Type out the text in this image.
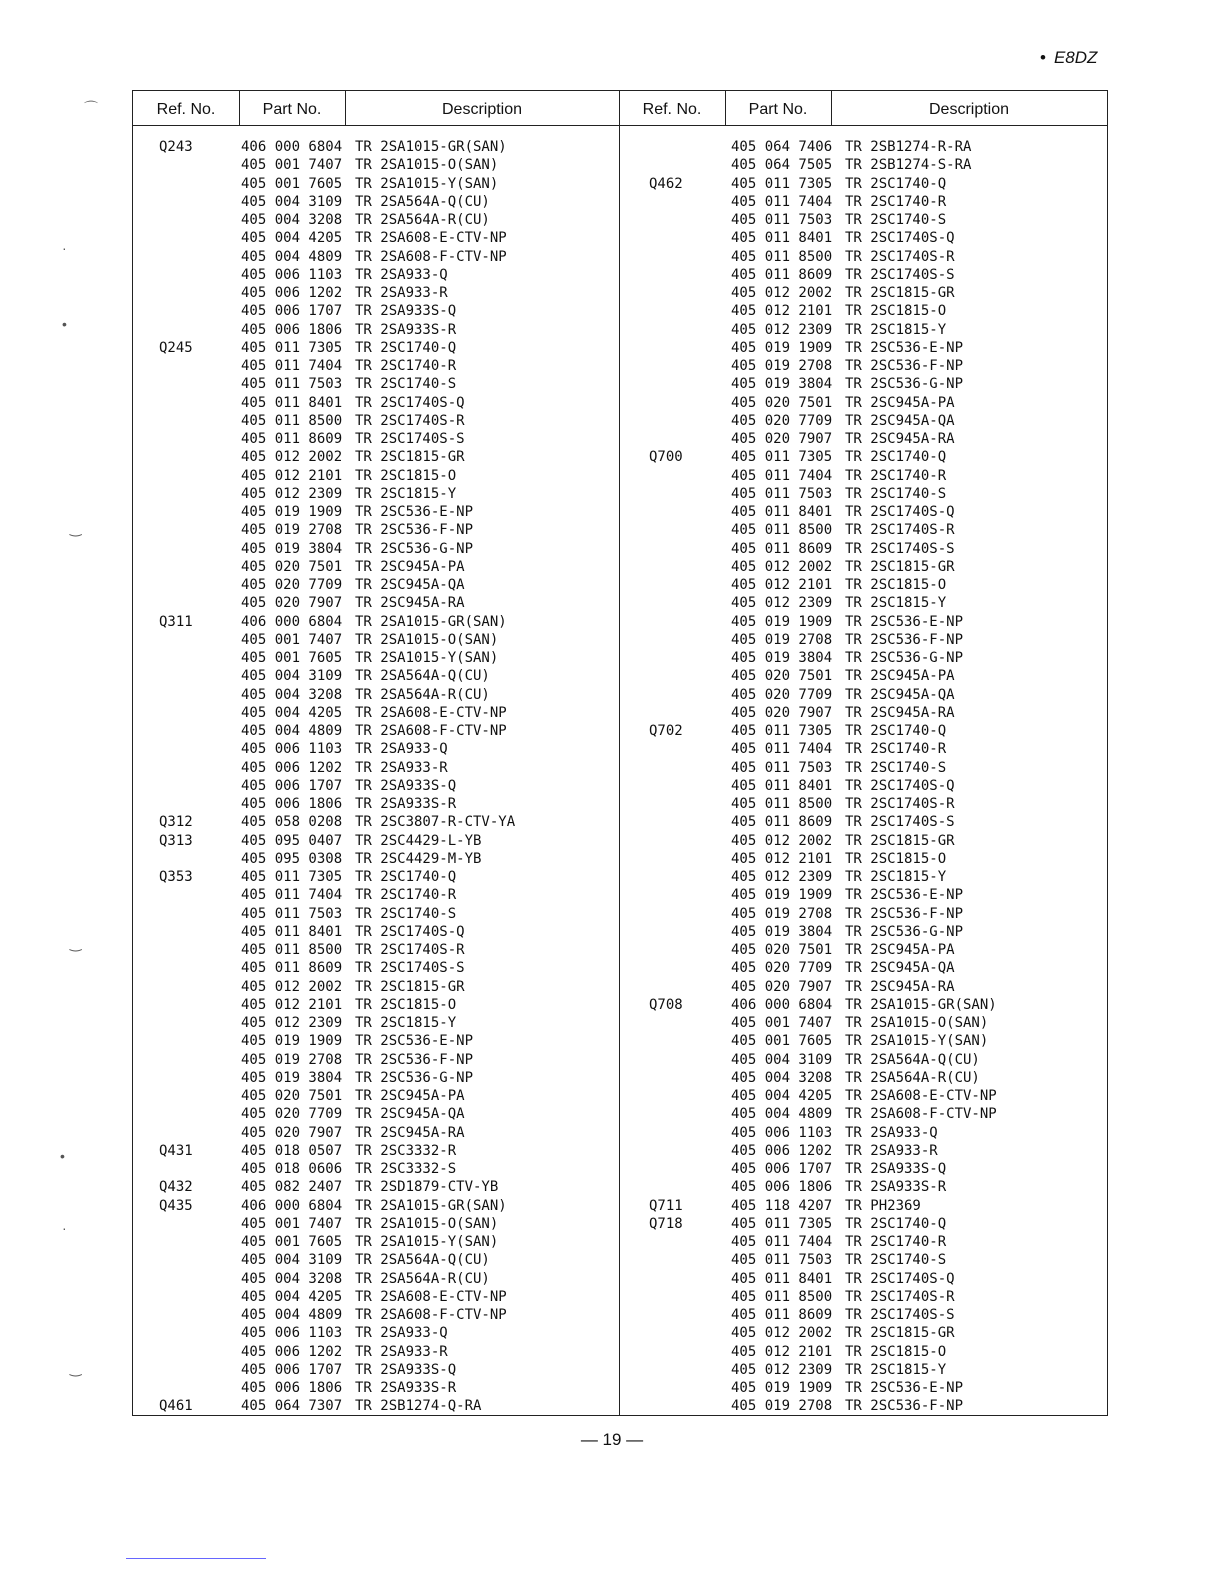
• E8DZ
Ref. No.	Part No.	Description	Ref. No.	Part No.	Description
Q243	406 000 6804 TR 2SA1015-GR(SAN)
405 001 7407 TR 2SA1015-O(SAN)
405 001 7605 TR 2SA1015-Y(SAN)
405 004 3109 TR 2SA564A-Q(CU)
405 004 3208 TR 2SA564A-R(CU)
405 004 4205 TR 2SA608-E-CTV-NP
405 004 4809 TR 2SA608-F-CTV-NP
405 006 1103 TR 2SA933-Q
405 006 1202 TR 2SA933-R
405 006 1707 TR 2SA933S-Q
405 006 1806 TR 2SA933S-R
Q245	405 011 7305 TR 2SC1740-Q
405 011 7404 TR 2SC1740-R
405 011 7503 TR 2SC1740-S
405 011 8401 TR 2SC1740S-Q
405 011 8500 TR 2SC1740S-R
405 011 8609 TR 2SC1740S-S
405 012 2002 TR 2SC1815-GR
405 012 2101 TR 2SC1815-O
405 012 2309 TR 2SC1815-Y
405 019 1909 TR 2SC536-E-NP
405 019 2708 TR 2SC536-F-NP
405 019 3804 TR 2SC536-G-NP
405 020 7501 TR 2SC945A-PA
405 020 7709 TR 2SC945A-QA
405 020 7907 TR 2SC945A-RA
Q311	406 000 6804 TR 2SA1015-GR(SAN)
405 001 7407 TR 2SA1015-O(SAN)
405 001 7605 TR 2SA1015-Y(SAN)
405 004 3109 TR 2SA564A-Q(CU)
405 004 3208 TR 2SA564A-R(CU)
405 004 4205 TR 2SA608-E-CTV-NP
405 004 4809 TR 2SA608-F-CTV-NP
405 006 1103 TR 2SA933-Q
405 006 1202 TR 2SA933-R
405 006 1707 TR 2SA933S-Q
405 006 1806 TR 2SA933S-R
Q312	405 058 0208 TR 2SC3807-R-CTV-YA
Q313	405 095 0407 TR 2SC4429-L-YB
405 095 0308 TR 2SC4429-M-YB
Q353	405 011 7305 TR 2SC1740-Q
405 011 7404 TR 2SC1740-R
405 011 7503 TR 2SC1740-S
405 011 8401 TR 2SC1740S-Q
405 011 8500 TR 2SC1740S-R
405 011 8609 TR 2SC1740S-S
405 012 2002 TR 2SC1815-GR
405 012 2101 TR 2SC1815-O
405 012 2309 TR 2SC1815-Y
405 019 1909 TR 2SC536-E-NP
405 019 2708 TR 2SC536-F-NP
405 019 3804 TR 2SC536-G-NP
405 020 7501 TR 2SC945A-PA
405 020 7709 TR 2SC945A-QA
405 020 7907 TR 2SC945A-RA
Q431	405 018 0507 TR 2SC3332-R
405 018 0606 TR 2SC3332-S
Q432	405 082 2407 TR 2SD1879-CTV-YB
Q435	406 000 6804 TR 2SA1015-GR(SAN)
405 001 7407 TR 2SA1015-O(SAN)
405 001 7605 TR 2SA1015-Y(SAN)
405 004 3109 TR 2SA564A-Q(CU)
405 004 3208 TR 2SA564A-R(CU)
405 004 4205 TR 2SA608-E-CTV-NP
405 004 4809 TR 2SA608-F-CTV-NP
405 006 1103 TR 2SA933-Q
405 006 1202 TR 2SA933-R
405 006 1707 TR 2SA933S-Q
405 006 1806 TR 2SA933S-R
Q461	405 064 7307 TR 2SB1274-Q-RA
405 064 7406 TR 2SB1274-R-RA
405 064 7505 TR 2SB1274-S-RA
Q462	405 011 7305 TR 2SC1740-Q
405 011 7404 TR 2SC1740-R
405 011 7503 TR 2SC1740-S
405 011 8401 TR 2SC1740S-Q
405 011 8500 TR 2SC1740S-R
405 011 8609 TR 2SC1740S-S
405 012 2002 TR 2SC1815-GR
405 012 2101 TR 2SC1815-O
405 012 2309 TR 2SC1815-Y
405 019 1909 TR 2SC536-E-NP
405 019 2708 TR 2SC536-F-NP
405 019 3804 TR 2SC536-G-NP
405 020 7501 TR 2SC945A-PA
405 020 7709 TR 2SC945A-QA
405 020 7907 TR 2SC945A-RA
Q700	405 011 7305 TR 2SC1740-Q
405 011 7404 TR 2SC1740-R
405 011 7503 TR 2SC1740-S
405 011 8401 TR 2SC1740S-Q
405 011 8500 TR 2SC1740S-R
405 011 8609 TR 2SC1740S-S
405 012 2002 TR 2SC1815-GR
405 012 2101 TR 2SC1815-O
405 012 2309 TR 2SC1815-Y
405 019 1909 TR 2SC536-E-NP
405 019 2708 TR 2SC536-F-NP
405 019 3804 TR 2SC536-G-NP
405 020 7501 TR 2SC945A-PA
405 020 7709 TR 2SC945A-QA
405 020 7907 TR 2SC945A-RA
Q702	405 011 7305 TR 2SC1740-Q
405 011 7404 TR 2SC1740-R
405 011 7503 TR 2SC1740-S
405 011 8401 TR 2SC1740S-Q
405 011 8500 TR 2SC1740S-R
405 011 8609 TR 2SC1740S-S
405 012 2002 TR 2SC1815-GR
405 012 2101 TR 2SC1815-O
405 012 2309 TR 2SC1815-Y
405 019 1909 TR 2SC536-E-NP
405 019 2708 TR 2SC536-F-NP
405 019 3804 TR 2SC536-G-NP
405 020 7501 TR 2SC945A-PA
405 020 7709 TR 2SC945A-QA
405 020 7907 TR 2SC945A-RA
Q708	406 000 6804 TR 2SA1015-GR(SAN)
405 001 7407 TR 2SA1015-O(SAN)
405 001 7605 TR 2SA1015-Y(SAN)
405 004 3109 TR 2SA564A-Q(CU)
405 004 3208 TR 2SA564A-R(CU)
405 004 4205 TR 2SA608-E-CTV-NP
405 004 4809 TR 2SA608-F-CTV-NP
405 006 1103 TR 2SA933-Q
405 006 1202 TR 2SA933-R
405 006 1707 TR 2SA933S-Q
405 006 1806 TR 2SA933S-R
Q711	405 118 4207 TR PH2369
Q718	405 011 7305 TR 2SC1740-Q
405 011 7404 TR 2SC1740-R
405 011 7503 TR 2SC1740-S
405 011 8401 TR 2SC1740S-Q
405 011 8500 TR 2SC1740S-R
405 011 8609 TR 2SC1740S-S
405 012 2002 TR 2SC1815-GR
405 012 2101 TR 2SC1815-O
405 012 2309 TR 2SC1815-Y
405 019 1909 TR 2SC536-E-NP
405 019 2708 TR 2SC536-F-NP
— 19 —
⌒
·
•
‿
‿
•
·
‿
